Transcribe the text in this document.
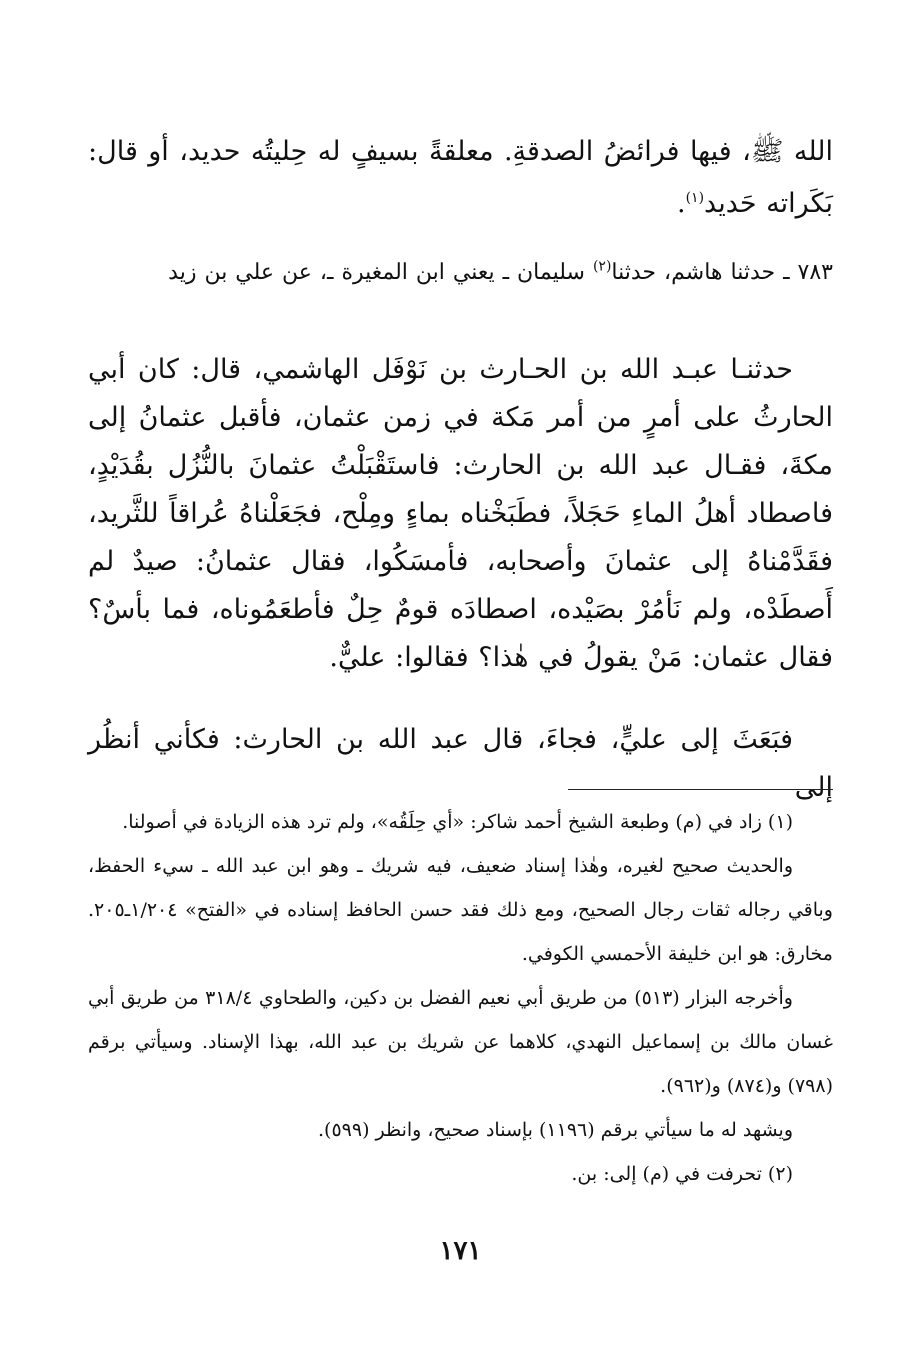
الله ﷺ، فيها فرائضُ الصدقةِ. معلقةً بسيفٍ له حِليتُه حديد، أو قال: بَكَراته حَديد$^{(١)}$.
٧٨٣ ـ حدثنا هاشم، حدثنا$^{(٢)}$ سليمان ـ يعني ابن المغيرة ـ، عن علي بن زيد
حدثنـا عبـد الله بن الحـارث بن نَوْفَل الهاشمي، قال: كان أبي الحارثُ على أمرٍ من أمر مَكة في زمن عثمان، فأقبل عثمانُ إلى مكةَ، فقـال عبد الله بن الحارث: فاستَقْبَلْتُ عثمانَ بالنُّزُل بقُدَيْدٍ، فاصطاد أهلُ الماءِ حَجَلاً، فطَبَخْناه بماءٍ ومِلْح، فجَعَلْناهُ عُراقاً للثَّريد، فقَدَّمْناهُ إلى عثمانَ وأصحابه، فأمسَكُوا، فقال عثمانُ: صيدٌ لم أَصطَدْه، ولم نَأمُرْ بصَيْده، اصطادَه قومٌ حِلٌ فأطعَمُوناه، فما بأسٌ؟ فقال عثمان: مَنْ يقولُ في هٰذا؟ فقالوا: عليٌّ.
فبَعَثَ إلى عليٍّ، فجاءَ، قال عبد الله بن الحارث: فكأني أنظُر إلى

(١) زاد في (م) وطبعة الشيخ أحمد شاكر: «أي حِلَقُه»، ولم ترد هذه الزيادة في أصولنا.

والحديث صحيح لغيره، وهٰذا إسناد ضعيف، فيه شريك ـ وهو ابن عبد الله ـ سيء الحفظ، وباقي رجاله ثقات رجال الصحيح، ومع ذلك فقد حسن الحافظ إسناده في «الفتح» ١/٢٠٤ـ٢٠٥. مخارق: هو ابن خليفة الأحمسي الكوفي.

وأخرجه البزار (٥١٣) من طريق أبي نعيم الفضل بن دكين، والطحاوي ٣١٨/٤ من طريق أبي غسان مالك بن إسماعيل النهدي، كلاهما عن شريك بن عبد الله، بهذا الإسناد. وسيأتي برقم (٧٩٨) و(٨٧٤) و(٩٦٢).

ويشهد له ما سيأتي برقم (١١٩٦) بإسناد صحيح، وانظر (٥٩٩).

(٢) تحرفت في (م) إلى: بن.

١٧١
